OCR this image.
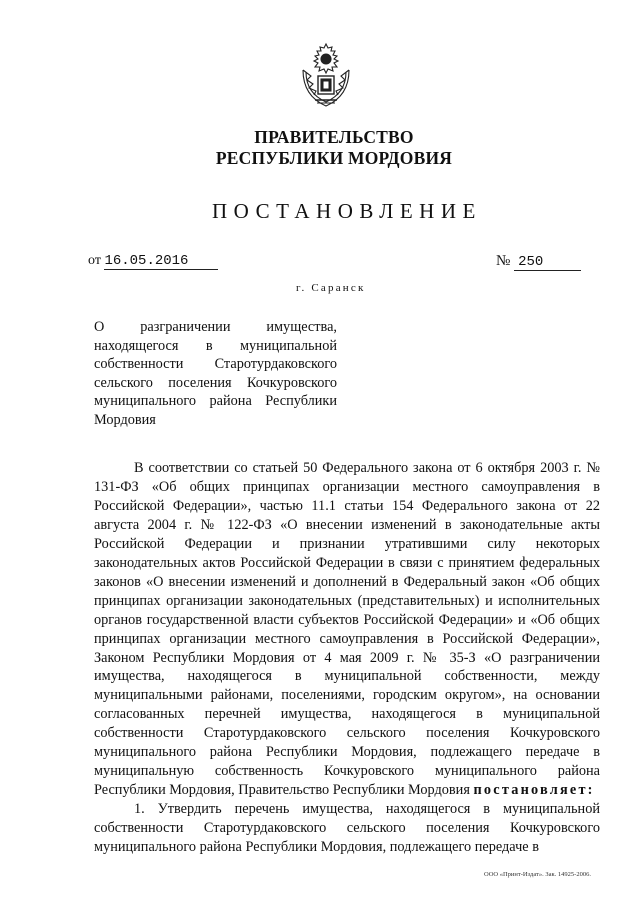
ПРАВИТЕЛЬСТВО
РЕСПУБЛИКИ МОРДОВИЯ
ПОСТАНОВЛЕНИЕ
от 16.05.2016	№ 250
г. Саранск
О разграничении имущества, находящегося в муниципальной собственности Старотурдаковского сельского поселения Кочкуровского муниципального района Республики Мордовия

В соответствии со статьей 50 Федерального закона от 6 октября 2003 г. № 131-ФЗ «Об общих принципах организации местного самоуправления в Российской Федерации», частью 11.1 статьи 154 Федерального закона от 22 августа 2004 г. № 122-ФЗ «О внесении изменений в законодательные акты Российской Федерации и признании утратившими силу некоторых законодательных актов Российской Федерации в связи с принятием федеральных законов «О внесении изменений и дополнений в Федеральный закон «Об общих принципах организации законодательных (представительных) и исполнительных органов государственной власти субъектов Российской Федерации» и «Об общих принципах организации местного самоуправления в Российской Федерации», Законом Республики Мордовия от 4 мая 2009 г. № 35-З «О разграничении имущества, находящегося в муниципальной собственности, между муниципальными районами, поселениями, городским округом», на основании согласованных перечней имущества, находящегося в муниципальной собственности Старотурдаковского сельского поселения Кочкуровского муниципального района Республики Мордовия, подлежащего передаче в муниципальную собственность Кочкуровского муниципального района Республики Мордовия, Правительство Республики Мордовия постановляет:

1. Утвердить перечень имущества, находящегося в муниципальной собственности Старотурдаковского сельского поселения Кочкуровского муниципального района Республики Мордовия, подлежащего передаче в

ООО «Принт-Издат». Зак. 14925-2006.
